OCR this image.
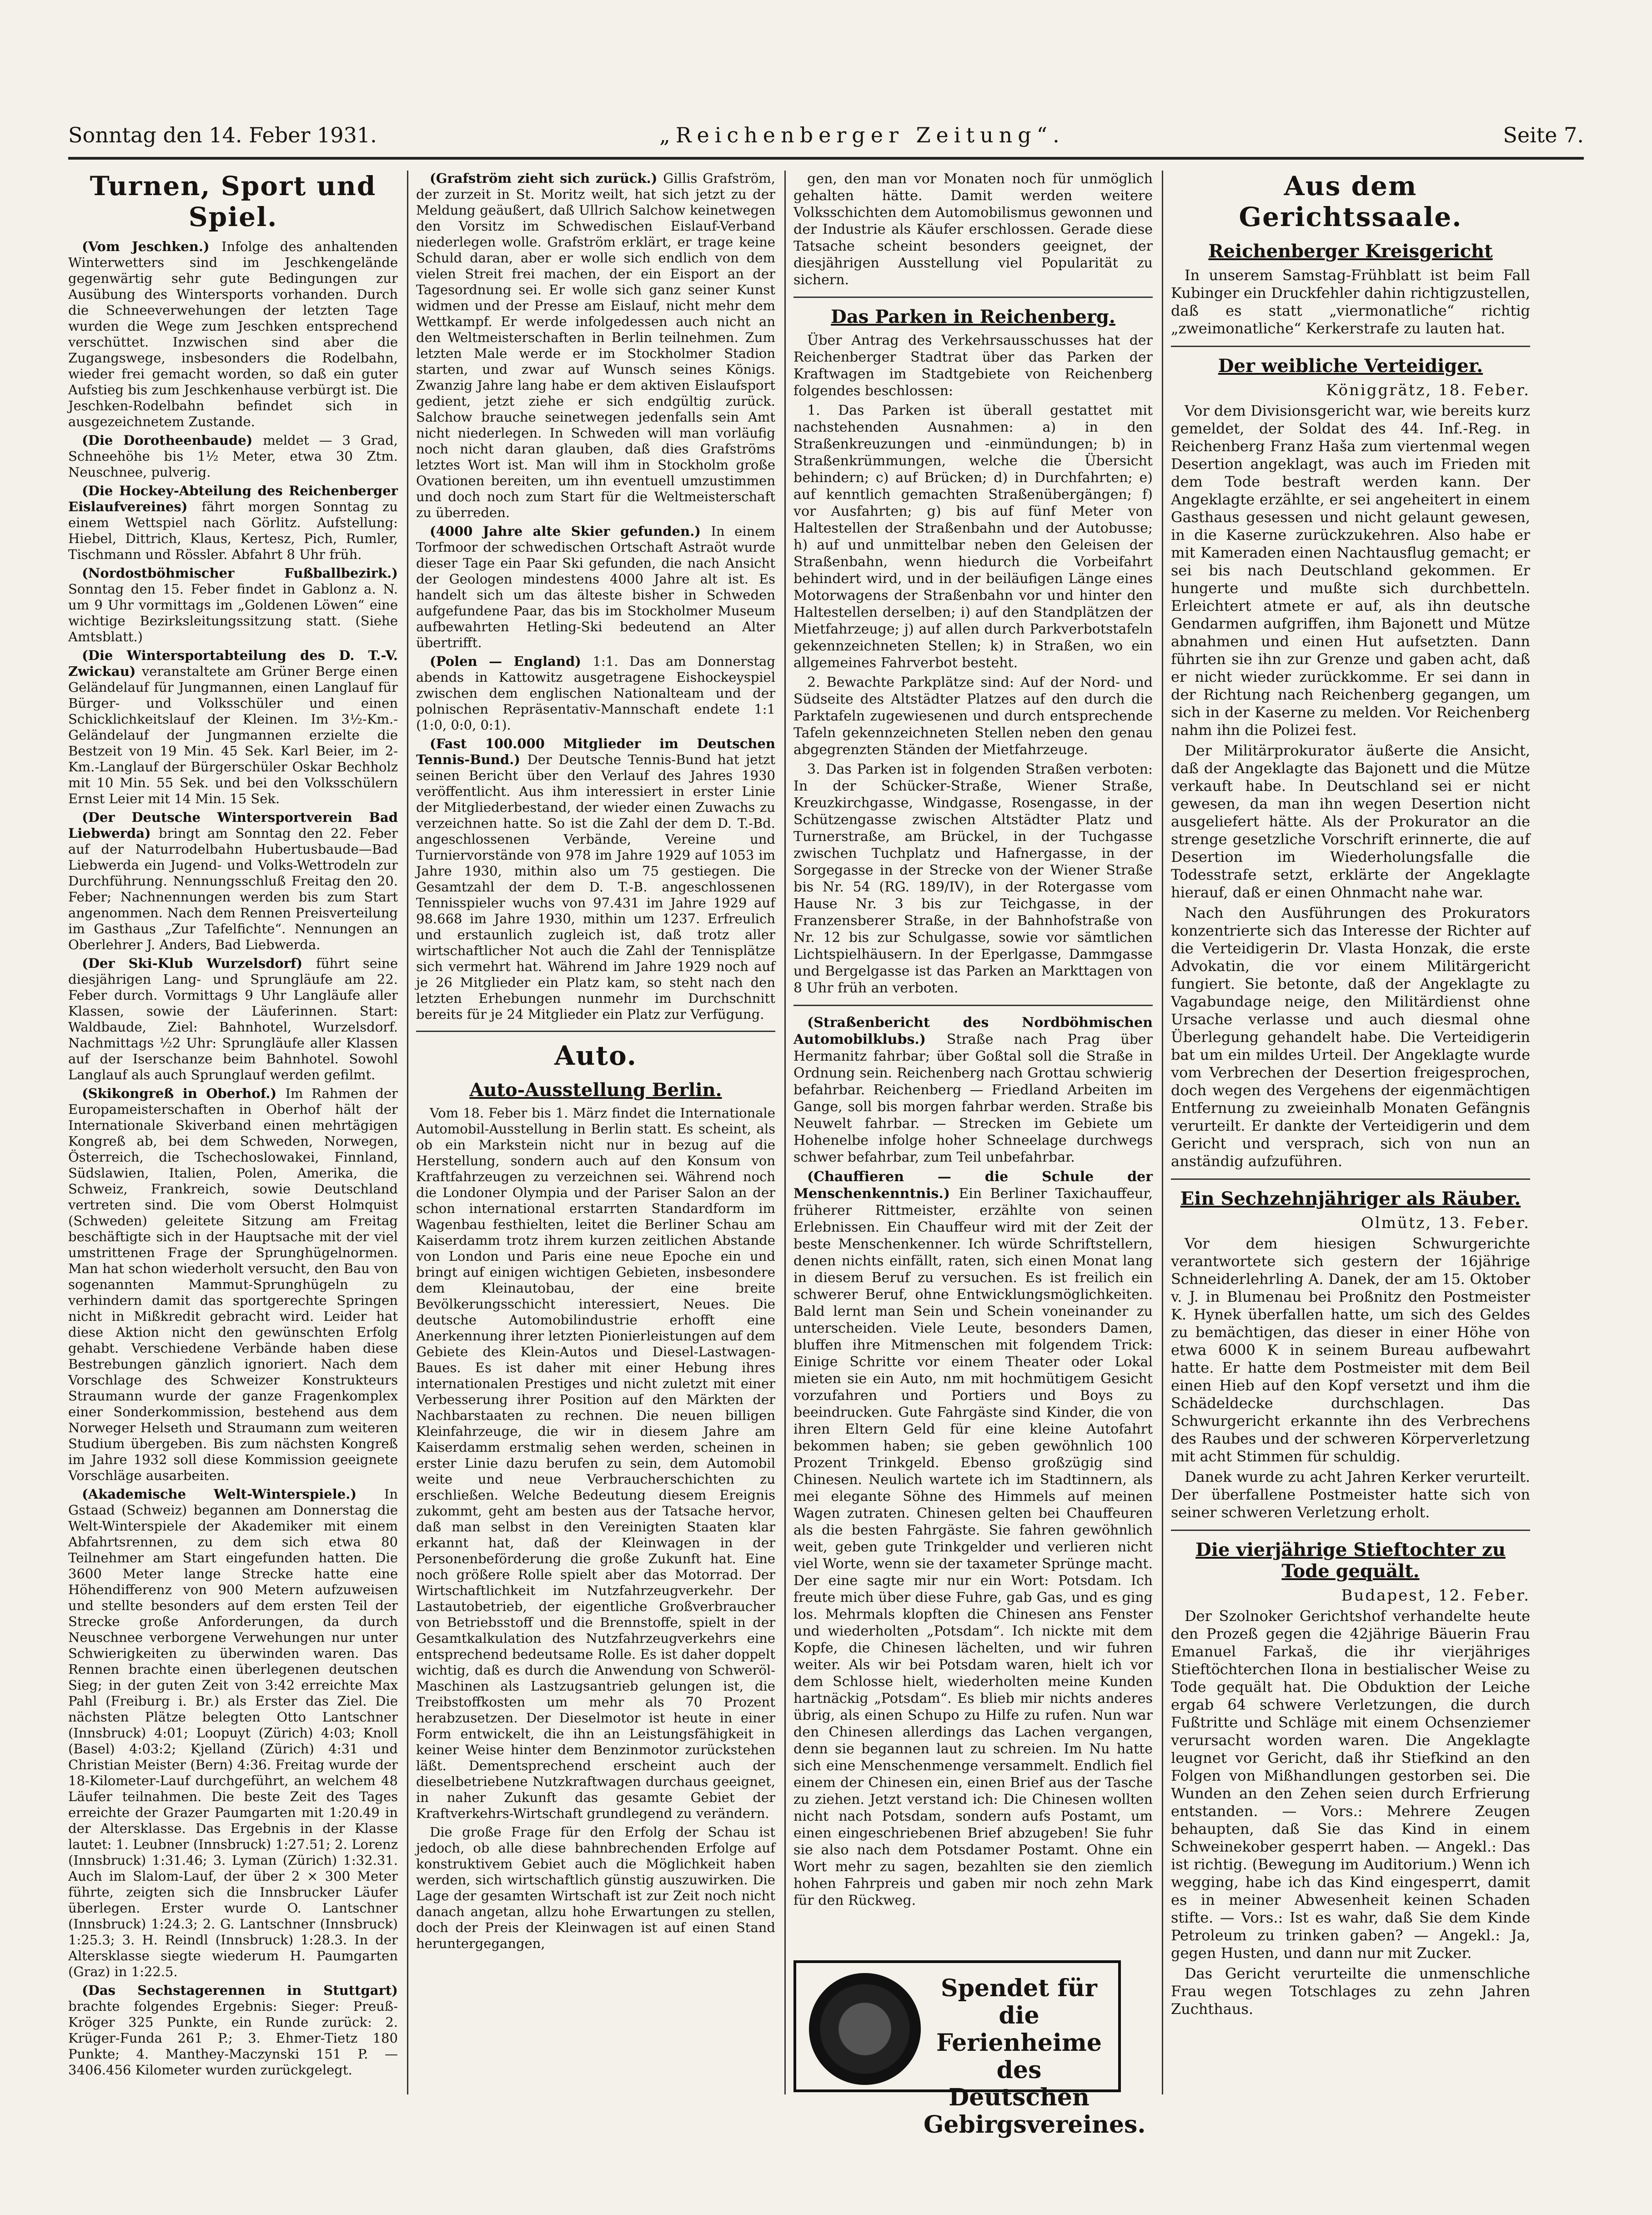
Sonntag den 14. Feber 1931.	„Reichenberger Zeitung“.	Seite 7.
Turnen, Sport und Spiel.
(Vom Jeschken.) Infolge des anhaltenden Winterwetters sind im Jeschkengelände gegenwärtig sehr gute Bedingungen zur Ausübung des Wintersports vorhanden. Durch die Schneeverwehungen der letzten Tage wurden die Wege zum Jeschken entsprechend verschüttet. Inzwischen sind aber die Zugangswege, insbesonders die Rodelbahn, wieder frei gemacht worden, so daß ein guter Aufstieg bis zum Jeschkenhause verbürgt ist. Die Jeschken-Rodelbahn befindet sich in ausgezeichnetem Zustande.
(Die Dorotheenbaude) meldet — 3 Grad, Schneehöhe bis 1½ Meter, etwa 30 Ztm. Neuschnee, pulverig.
(Die Hockey-Abteilung des Reichenberger Eislaufvereines) fährt morgen Sonntag zu einem Wettspiel nach Görlitz. Aufstellung: Hiebel, Dittrich, Klaus, Kertesz, Pich, Rumler, Tischmann und Rössler. Abfahrt 8 Uhr früh.
(Nordostböhmischer Fußballbezirk.) Sonntag den 15. Feber findet in Gablonz a. N. um 9 Uhr vormittags im „Goldenen Löwen“ eine wichtige Bezirksleitungssitzung statt. (Siehe Amtsblatt.)
(Die Wintersportabteilung des D. T.-V. Zwickau) veranstaltete am Grüner Berge einen Geländelauf für Jungmannen, einen Langlauf für Bürger- und Volksschüler und einen Schicklichkeitslauf der Kleinen. Im 3½-Km.-Geländelauf der Jungmannen erzielte die Bestzeit von 19 Min. 45 Sek. Karl Beier, im 2-Km.-Langlauf der Bürgerschüler Oskar Bechholz mit 10 Min. 55 Sek. und bei den Volksschülern Ernst Leier mit 14 Min. 15 Sek.
(Der Deutsche Wintersportverein Bad Liebwerda) bringt am Sonntag den 22. Feber auf der Naturrodelbahn Hubertusbaude—Bad Liebwerda ein Jugend- und Volks-Wettrodeln zur Durchführung. Nennungsschluß Freitag den 20. Feber; Nachnennungen werden bis zum Start angenommen. Nach dem Rennen Preisverteilung im Gasthaus „Zur Tafelfichte“. Nennungen an Oberlehrer J. Anders, Bad Liebwerda.
(Der Ski-Klub Wurzelsdorf) führt seine diesjährigen Lang- und Sprungläufe am 22. Feber durch. Vormittags 9 Uhr Langläufe aller Klassen, sowie der Läuferinnen. Start: Waldbaude, Ziel: Bahnhotel, Wurzelsdorf. Nachmittags ½2 Uhr: Sprungläufe aller Klassen auf der Iserschanze beim Bahnhotel. Sowohl Langlauf als auch Sprunglauf werden gefilmt.
(Skikongreß in Oberhof.) Im Rahmen der Europameisterschaften in Oberhof hält der Internationale Skiverband einen mehrtägigen Kongreß ab, bei dem Schweden, Norwegen, Österreich, die Tschechoslowakei, Finnland, Südslawien, Italien, Polen, Amerika, die Schweiz, Frankreich, sowie Deutschland vertreten sind. Die vom Oberst Holmquist (Schweden) geleitete Sitzung am Freitag beschäftigte sich in der Hauptsache mit der viel umstrittenen Frage der Sprunghügelnormen. Man hat schon wiederholt versucht, den Bau von sogenannten Mammut-Sprunghügeln zu verhindern damit das sportgerechte Springen nicht in Mißkredit gebracht wird. Leider hat diese Aktion nicht den gewünschten Erfolg gehabt. Verschiedene Verbände haben diese Bestrebungen gänzlich ignoriert. Nach dem Vorschlage des Schweizer Konstrukteurs Straumann wurde der ganze Fragenkomplex einer Sonderkommission, bestehend aus dem Norweger Helseth und Straumann zum weiteren Studium übergeben. Bis zum nächsten Kongreß im Jahre 1932 soll diese Kommission geeignete Vorschläge ausarbeiten.
(Akademische Welt-Winterspiele.) In Gstaad (Schweiz) begannen am Donnerstag die Welt-Winterspiele der Akademiker mit einem Abfahrtsrennen, zu dem sich etwa 80 Teilnehmer am Start eingefunden hatten. Die 3600 Meter lange Strecke hatte eine Höhendifferenz von 900 Metern aufzuweisen und stellte besonders auf dem ersten Teil der Strecke große Anforderungen, da durch Neuschnee verborgene Verwehungen nur unter Schwierigkeiten zu überwinden waren. Das Rennen brachte einen überlegenen deutschen Sieg; in der guten Zeit von 3:42 erreichte Max Pahl (Freiburg i. Br.) als Erster das Ziel. Die nächsten Plätze belegten Otto Lantschner (Innsbruck) 4:01; Loopuyt (Zürich) 4:03; Knoll (Basel) 4:03:2; Kjelland (Zürich) 4:31 und Christian Meister (Bern) 4:36. Freitag wurde der 18-Kilometer-Lauf durchgeführt, an welchem 48 Läufer teilnahmen. Die beste Zeit des Tages erreichte der Grazer Paumgarten mit 1:20.49 in der Altersklasse. Das Ergebnis in der Klasse lautet: 1. Leubner (Innsbruck) 1:27.51; 2. Lorenz (Innsbruck) 1:31.46; 3. Lyman (Zürich) 1:32.31. Auch im Slalom-Lauf, der über 2 × 300 Meter führte, zeigten sich die Innsbrucker Läufer überlegen. Erster wurde O. Lantschner (Innsbruck) 1:24.3; 2. G. Lantschner (Innsbruck) 1:25.3; 3. H. Reindl (Innsbruck) 1:28.3. In der Altersklasse siegte wiederum H. Paumgarten (Graz) in 1:22.5.
(Das Sechstagerennen in Stuttgart) brachte folgendes Ergebnis: Sieger: Preuß-Kröger 325 Punkte, ein Runde zurück: 2. Krüger-Funda 261 P.; 3. Ehmer-Tietz 180 Punkte; 4. Manthey-Maczynski 151 P. — 3406.456 Kilometer wurden zurückgelegt.
(Grafström zieht sich zurück.) Gillis Grafström, der zurzeit in St. Moritz weilt, hat sich jetzt zu der Meldung geäußert, daß Ullrich Salchow keinetwegen den Vorsitz im Schwedischen Eislauf-Verband niederlegen wolle. Grafström erklärt, er trage keine Schuld daran, aber er wolle sich endlich von dem vielen Streit frei machen, der ein Eisport an der Tagesordnung sei. Er wolle sich ganz seiner Kunst widmen und der Presse am Eislauf, nicht mehr dem Wettkampf. Er werde infolgedessen auch nicht an den Weltmeisterschaften in Berlin teilnehmen. Zum letzten Male werde er im Stockholmer Stadion starten, und zwar auf Wunsch seines Königs. Zwanzig Jahre lang habe er dem aktiven Eislaufsport gedient, jetzt ziehe er sich endgültig zurück. Salchow brauche seinetwegen jedenfalls sein Amt nicht niederlegen. In Schweden will man vorläufig noch nicht daran glauben, daß dies Grafströms letztes Wort ist. Man will ihm in Stockholm große Ovationen bereiten, um ihn eventuell umzustimmen und doch noch zum Start für die Weltmeisterschaft zu überreden.
(4000 Jahre alte Skier gefunden.) In einem Torfmoor der schwedischen Ortschaft Astraöt wurde dieser Tage ein Paar Ski gefunden, die nach Ansicht der Geologen mindestens 4000 Jahre alt ist. Es handelt sich um das älteste bisher in Schweden aufgefundene Paar, das bis im Stockholmer Museum aufbewahrten Hetling-Ski bedeutend an Alter übertrifft.
(Polen — England) 1:1. Das am Donnerstag abends in Kattowitz ausgetragene Eishockeyspiel zwischen dem englischen Nationalteam und der polnischen Repräsentativ-Mannschaft endete 1:1 (1:0, 0:0, 0:1).
(Fast 100.000 Mitglieder im Deutschen Tennis-Bund.) Der Deutsche Tennis-Bund hat jetzt seinen Bericht über den Verlauf des Jahres 1930 veröffentlicht. Aus ihm interessiert in erster Linie der Mitgliederbestand, der wieder einen Zuwachs zu verzeichnen hatte. So ist die Zahl der dem D. T.-Bd. angeschlossenen Verbände, Vereine und Turniervorstände von 978 im Jahre 1929 auf 1053 im Jahre 1930, mithin also um 75 gestiegen. Die Gesamtzahl der dem D. T.-B. angeschlossenen Tennisspieler wuchs von 97.431 im Jahre 1929 auf 98.668 im Jahre 1930, mithin um 1237. Erfreulich und erstaunlich zugleich ist, daß trotz aller wirtschaftlicher Not auch die Zahl der Tennisplätze sich vermehrt hat. Während im Jahre 1929 noch auf je 26 Mitglieder ein Platz kam, so steht nach den letzten Erhebungen nunmehr im Durchschnitt bereits für je 24 Mitglieder ein Platz zur Verfügung.
Auto.
Auto-Ausstellung Berlin.
Vom 18. Feber bis 1. März findet die Internationale Automobil-Ausstellung in Berlin statt. Es scheint, als ob ein Markstein nicht nur in bezug auf die Herstellung, sondern auch auf den Konsum von Kraftfahrzeugen zu verzeichnen sei. Während noch die Londoner Olympia und der Pariser Salon an der schon international erstarrten Standardform im Wagenbau festhielten, leitet die Berliner Schau am Kaiserdamm trotz ihrem kurzen zeitlichen Abstande von London und Paris eine neue Epoche ein und bringt auf einigen wichtigen Gebieten, insbesondere dem Kleinautobau, der eine breite Bevölkerungsschicht interessiert, Neues. Die deutsche Automobilindustrie erhofft eine Anerkennung ihrer letzten Pionierleistungen auf dem Gebiete des Klein-Autos und Diesel-Lastwagen-Baues. Es ist daher mit einer Hebung ihres internationalen Prestiges und nicht zuletzt mit einer Verbesserung ihrer Position auf den Märkten der Nachbarstaaten zu rechnen. Die neuen billigen Kleinfahrzeuge, die wir in diesem Jahre am Kaiserdamm erstmalig sehen werden, scheinen in erster Linie dazu berufen zu sein, dem Automobil weite und neue Verbraucherschichten zu erschließen. Welche Bedeutung diesem Ereignis zukommt, geht am besten aus der Tatsache hervor, daß man selbst in den Vereinigten Staaten klar erkannt hat, daß der Kleinwagen in der Personenbeförderung die große Zukunft hat. Eine noch größere Rolle spielt aber das Motorrad. Der Wirtschaftlichkeit im Nutzfahrzeugverkehr. Der Lastautobetrieb, der eigentliche Großverbraucher von Betriebsstoff und die Brennstoffe, spielt in der Gesamtkalkulation des Nutzfahrzeugverkehrs eine entsprechend bedeutsame Rolle. Es ist daher doppelt wichtig, daß es durch die Anwendung von Schweröl-Maschinen als Lastzugsantrieb gelungen ist, die Treibstoffkosten um mehr als 70 Prozent herabzusetzen. Der Dieselmotor ist heute in einer Form entwickelt, die ihn an Leistungsfähigkeit in keiner Weise hinter dem Benzinmotor zurückstehen läßt. Dementsprechend erscheint auch der dieselbetriebene Nutzkraftwagen durchaus geeignet, in naher Zukunft das gesamte Gebiet der Kraftverkehrs-Wirtschaft grundlegend zu verändern.
Die große Frage für den Erfolg der Schau ist jedoch, ob alle diese bahnbrechenden Erfolge auf konstruktivem Gebiet auch die Möglichkeit haben werden, sich wirtschaftlich günstig auszuwirken. Die Lage der gesamten Wirtschaft ist zur Zeit noch nicht danach angetan, allzu hohe Erwartungen zu stellen, doch der Preis der Kleinwagen ist auf einen Stand heruntergegangen,
gen, den man vor Monaten noch für unmöglich gehalten hätte. Damit werden weitere Volksschichten dem Automobilismus gewonnen und der Industrie als Käufer erschlossen. Gerade diese Tatsache scheint besonders geeignet, der diesjährigen Ausstellung viel Popularität zu sichern.
Das Parken in Reichenberg.
Über Antrag des Verkehrsausschusses hat der Reichenberger Stadtrat über das Parken der Kraftwagen im Stadtgebiete von Reichenberg folgendes beschlossen:
1. Das Parken ist überall gestattet mit nachstehenden Ausnahmen: a) in den Straßenkreuzungen und -einmündungen; b) in Straßenkrümmungen, welche die Übersicht behindern; c) auf Brücken; d) in Durchfahrten; e) auf kenntlich gemachten Straßenübergängen; f) vor Ausfahrten; g) bis auf fünf Meter von Haltestellen der Straßenbahn und der Autobusse; h) auf und unmittelbar neben den Geleisen der Straßenbahn, wenn hiedurch die Vorbeifahrt behindert wird, und in der beiläufigen Länge eines Motorwagens der Straßenbahn vor und hinter den Haltestellen derselben; i) auf den Standplätzen der Mietfahrzeuge; j) auf allen durch Parkverbotstafeln gekennzeichneten Stellen; k) in Straßen, wo ein allgemeines Fahrverbot besteht.
2. Bewachte Parkplätze sind: Auf der Nord- und Südseite des Altstädter Platzes auf den durch die Parktafeln zugewiesenen und durch entsprechende Tafeln gekennzeichneten Stellen neben den genau abgegrenzten Ständen der Mietfahrzeuge.
3. Das Parken ist in folgenden Straßen verboten: In der Schücker-Straße, Wiener Straße, Kreuzkirchgasse, Windgasse, Rosengasse, in der Schützengasse zwischen Altstädter Platz und Turnerstraße, am Brückel, in der Tuchgasse zwischen Tuchplatz und Hafnergasse, in der Sorgegasse in der Strecke von der Wiener Straße bis Nr. 54 (RG. 189/IV), in der Rotergasse vom Hause Nr. 3 bis zur Teichgasse, in der Franzensberer Straße, in der Bahnhofstraße von Nr. 12 bis zur Schulgasse, sowie vor sämtlichen Lichtspielhäusern. In der Eperlgasse, Dammgasse und Bergelgasse ist das Parken an Markttagen von 8 Uhr früh an verboten.
(Straßenbericht des Nordböhmischen Automobilklubs.) Straße nach Prag über Hermanitz fahrbar; über Goßtal soll die Straße in Ordnung sein. Reichenberg nach Grottau schwierig befahrbar. Reichenberg — Friedland Arbeiten im Gange, soll bis morgen fahrbar werden. Straße bis Neuwelt fahrbar. — Strecken im Gebiete um Hohenelbe infolge hoher Schneelage durchwegs schwer befahrbar, zum Teil unbefahrbar.
(Chauffieren — die Schule der Menschenkenntnis.) Ein Berliner Taxichauffeur, früherer Rittmeister, erzählte von seinen Erlebnissen. Ein Chauffeur wird mit der Zeit der beste Menschenkenner. Ich würde Schriftstellern, denen nichts einfällt, raten, sich einen Monat lang in diesem Beruf zu versuchen. Es ist freilich ein schwerer Beruf, ohne Entwicklungsmöglichkeiten. Bald lernt man Sein und Schein voneinander zu unterscheiden. Viele Leute, besonders Damen, bluffen ihre Mitmenschen mit folgendem Trick: Einige Schritte vor einem Theater oder Lokal mieten sie ein Auto, nm mit hochmütigem Gesicht vorzufahren und Portiers und Boys zu beeindrucken. Gute Fahrgäste sind Kinder, die von ihren Eltern Geld für eine kleine Autofahrt bekommen haben; sie geben gewöhnlich 100 Prozent Trinkgeld. Ebenso großzügig sind Chinesen. Neulich wartete ich im Stadtinnern, als mei elegante Söhne des Himmels auf meinen Wagen zutraten. Chinesen gelten bei Chauffeuren als die besten Fahrgäste. Sie fahren gewöhnlich weit, geben gute Trinkgelder und verlieren nicht viel Worte, wenn sie der taxameter Sprünge macht. Der eine sagte mir nur ein Wort: Potsdam. Ich freute mich über diese Fuhre, gab Gas, und es ging los. Mehrmals klopften die Chinesen ans Fenster und wiederholten „Potsdam“. Ich nickte mit dem Kopfe, die Chinesen lächelten, und wir fuhren weiter. Als wir bei Potsdam waren, hielt ich vor dem Schlosse hielt, wiederholten meine Kunden hartnäckig „Potsdam“. Es blieb mir nichts anderes übrig, als einen Schupo zu Hilfe zu rufen. Nun war den Chinesen allerdings das Lachen vergangen, denn sie begannen laut zu schreien. Im Nu hatte sich eine Menschenmenge versammelt. Endlich fiel einem der Chinesen ein, einen Brief aus der Tasche zu ziehen. Jetzt verstand ich: Die Chinesen wollten nicht nach Potsdam, sondern aufs Postamt, um einen eingeschriebenen Brief abzugeben! Sie fuhr sie also nach dem Potsdamer Postamt. Ohne ein Wort mehr zu sagen, bezahlten sie den ziemlich hohen Fahrpreis und gaben mir noch zehn Mark für den Rückweg.
Spendet für die
Ferienheime
des Deutschen
Gebirgsvereines.
Aus dem Gerichtssaale.
Reichenberger Kreisgericht
In unserem Samstag-Frühblatt ist beim Fall Kubinger ein Druckfehler dahin richtigzustellen, daß es statt „viermonatliche“ richtig „zweimonatliche“ Kerkerstrafe zu lauten hat.
Der weibliche Verteidiger.
Königgrätz, 18. Feber.
Vor dem Divisionsgericht war, wie bereits kurz gemeldet, der Soldat des 44. Inf.-Reg. in Reichenberg Franz Haša zum viertenmal wegen Desertion angeklagt, was auch im Frieden mit dem Tode bestraft werden kann. Der Angeklagte erzählte, er sei angeheitert in einem Gasthaus gesessen und nicht gelaunt gewesen, in die Kaserne zurückzukehren. Also habe er mit Kameraden einen Nachtausflug gemacht; er sei bis nach Deutschland gekommen. Er hungerte und mußte sich durchbetteln. Erleichtert atmete er auf, als ihn deutsche Gendarmen aufgriffen, ihm Bajonett und Mütze abnahmen und einen Hut aufsetzten. Dann führten sie ihn zur Grenze und gaben acht, daß er nicht wieder zurückkomme. Er sei dann in der Richtung nach Reichenberg gegangen, um sich in der Kaserne zu melden. Vor Reichenberg nahm ihn die Polizei fest.
Der Militärprokurator äußerte die Ansicht, daß der Angeklagte das Bajonett und die Mütze verkauft habe. In Deutschland sei er nicht gewesen, da man ihn wegen Desertion nicht ausgeliefert hätte. Als der Prokurator an die strenge gesetzliche Vorschrift erinnerte, die auf Desertion im Wiederholungsfalle die Todesstrafe setzt, erklärte der Angeklagte hierauf, daß er einen Ohnmacht nahe war.
Nach den Ausführungen des Prokurators konzentrierte sich das Interesse der Richter auf die Verteidigerin Dr. Vlasta Honzak, die erste Advokatin, die vor einem Militärgericht fungiert. Sie betonte, daß der Angeklagte zu Vagabundage neige, den Militärdienst ohne Ursache verlasse und auch diesmal ohne Überlegung gehandelt habe. Die Verteidigerin bat um ein mildes Urteil. Der Angeklagte wurde vom Verbrechen der Desertion freigesprochen, doch wegen des Vergehens der eigenmächtigen Entfernung zu zweieinhalb Monaten Gefängnis verurteilt. Er dankte der Verteidigerin und dem Gericht und versprach, sich von nun an anständig aufzuführen.
Ein Sechzehnjähriger als Räuber.
Olmütz, 13. Feber.
Vor dem hiesigen Schwurgerichte verantwortete sich gestern der 16jährige Schneiderlehrling A. Danek, der am 15. Oktober v. J. in Blumenau bei Proßnitz den Postmeister K. Hynek überfallen hatte, um sich des Geldes zu bemächtigen, das dieser in einer Höhe von etwa 6000 K in seinem Bureau aufbewahrt hatte. Er hatte dem Postmeister mit dem Beil einen Hieb auf den Kopf versetzt und ihm die Schädeldecke durchschlagen. Das Schwurgericht erkannte ihn des Verbrechens des Raubes und der schweren Körperverletzung mit acht Stimmen für schuldig.
Danek wurde zu acht Jahren Kerker verurteilt. Der überfallene Postmeister hatte sich von seiner schweren Verletzung erholt.
Die vierjährige Stieftochter zu Tode gequält.
Budapest, 12. Feber.
Der Szolnoker Gerichtshof verhandelte heute den Prozeß gegen die 42jährige Bäuerin Frau Emanuel Farkaš, die ihr vierjähriges Stieftöchterchen Ilona in bestialischer Weise zu Tode gequält hat. Die Obduktion der Leiche ergab 64 schwere Verletzungen, die durch Fußtritte und Schläge mit einem Ochsenziemer verursacht worden waren. Die Angeklagte leugnet vor Gericht, daß ihr Stiefkind an den Folgen von Mißhandlungen gestorben sei. Die Wunden an den Zehen seien durch Erfrierung entstanden. — Vors.: Mehrere Zeugen behaupten, daß Sie das Kind in einem Schweinekober gesperrt haben. — Angekl.: Das ist richtig. (Bewegung im Auditorium.) Wenn ich wegging, habe ich das Kind eingesperrt, damit es in meiner Abwesenheit keinen Schaden stifte. — Vors.: Ist es wahr, daß Sie dem Kinde Petroleum zu trinken gaben? — Angekl.: Ja, gegen Husten, und dann nur mit Zucker.
Das Gericht verurteilte die unmenschliche Frau wegen Totschlages zu zehn Jahren Zuchthaus.
